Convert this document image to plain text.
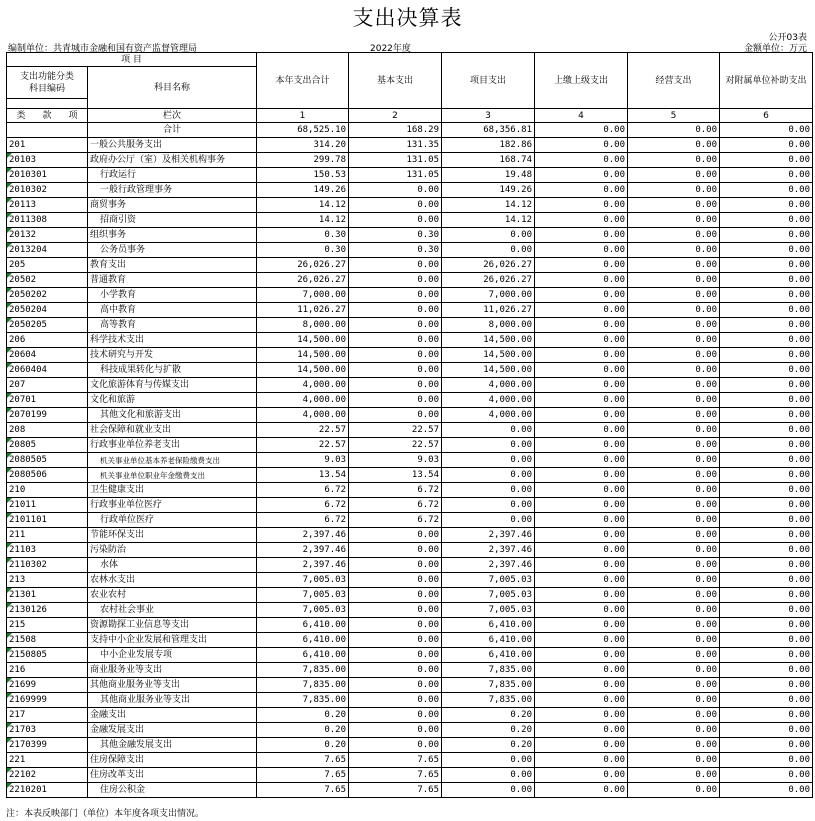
支出决算表
公开03表
编制单位：共青城市金融和国有资产监督管理局	2022年度	金额单位：万元
项 目		本年支出合计	基本支出	项目支出	上缴上级支出	经营支出	对附属单位补助支出
支出功能分类
科目编码	科目名称						

类 款 项	栏次	1	2	3	4	5	6
	合计	68,525.10	168.29	68,356.81	0.00	0.00	0.00
201	一般公共服务支出	314.20	131.35	182.86	0.00	0.00	0.00
20103	政府办公厅（室）及相关机构事务	299.78	131.05	168.74	0.00	0.00	0.00
2010301	行政运行	150.53	131.05	19.48	0.00	0.00	0.00
2010302	一般行政管理事务	149.26	0.00	149.26	0.00	0.00	0.00
20113	商贸事务	14.12	0.00	14.12	0.00	0.00	0.00
2011308	招商引资	14.12	0.00	14.12	0.00	0.00	0.00
20132	组织事务	0.30	0.30	0.00	0.00	0.00	0.00
2013204	公务员事务	0.30	0.30	0.00	0.00	0.00	0.00
205	教育支出	26,026.27	0.00	26,026.27	0.00	0.00	0.00
20502	普通教育	26,026.27	0.00	26,026.27	0.00	0.00	0.00
2050202	小学教育	7,000.00	0.00	7,000.00	0.00	0.00	0.00
2050204	高中教育	11,026.27	0.00	11,026.27	0.00	0.00	0.00
2050205	高等教育	8,000.00	0.00	8,000.00	0.00	0.00	0.00
206	科学技术支出	14,500.00	0.00	14,500.00	0.00	0.00	0.00
20604	技术研究与开发	14,500.00	0.00	14,500.00	0.00	0.00	0.00
2060404	科技成果转化与扩散	14,500.00	0.00	14,500.00	0.00	0.00	0.00
207	文化旅游体育与传媒支出	4,000.00	0.00	4,000.00	0.00	0.00	0.00
20701	文化和旅游	4,000.00	0.00	4,000.00	0.00	0.00	0.00
2070199	其他文化和旅游支出	4,000.00	0.00	4,000.00	0.00	0.00	0.00
208	社会保障和就业支出	22.57	22.57	0.00	0.00	0.00	0.00
20805	行政事业单位养老支出	22.57	22.57	0.00	0.00	0.00	0.00
2080505	机关事业单位基本养老保险缴费支出	9.03	9.03	0.00	0.00	0.00	0.00
2080506	机关事业单位职业年金缴费支出	13.54	13.54	0.00	0.00	0.00	0.00
210	卫生健康支出	6.72	6.72	0.00	0.00	0.00	0.00
21011	行政事业单位医疗	6.72	6.72	0.00	0.00	0.00	0.00
2101101	行政单位医疗	6.72	6.72	0.00	0.00	0.00	0.00
211	节能环保支出	2,397.46	0.00	2,397.46	0.00	0.00	0.00
21103	污染防治	2,397.46	0.00	2,397.46	0.00	0.00	0.00
2110302	水体	2,397.46	0.00	2,397.46	0.00	0.00	0.00
213	农林水支出	7,005.03	0.00	7,005.03	0.00	0.00	0.00
21301	农业农村	7,005.03	0.00	7,005.03	0.00	0.00	0.00
2130126	农村社会事业	7,005.03	0.00	7,005.03	0.00	0.00	0.00
215	资源勘探工业信息等支出	6,410.00	0.00	6,410.00	0.00	0.00	0.00
21508	支持中小企业发展和管理支出	6,410.00	0.00	6,410.00	0.00	0.00	0.00
2150805	中小企业发展专项	6,410.00	0.00	6,410.00	0.00	0.00	0.00
216	商业服务业等支出	7,835.00	0.00	7,835.00	0.00	0.00	0.00
21699	其他商业服务业等支出	7,835.00	0.00	7,835.00	0.00	0.00	0.00
2169999	其他商业服务业等支出	7,835.00	0.00	7,835.00	0.00	0.00	0.00
217	金融支出	0.20	0.00	0.20	0.00	0.00	0.00
21703	金融发展支出	0.20	0.00	0.20	0.00	0.00	0.00
2170399	其他金融发展支出	0.20	0.00	0.20	0.00	0.00	0.00
221	住房保障支出	7.65	7.65	0.00	0.00	0.00	0.00
22102	住房改革支出	7.65	7.65	0.00	0.00	0.00	0.00
2210201	住房公积金	7.65	7.65	0.00	0.00	0.00	0.00
注：本表反映部门（单位）本年度各项支出情况。
